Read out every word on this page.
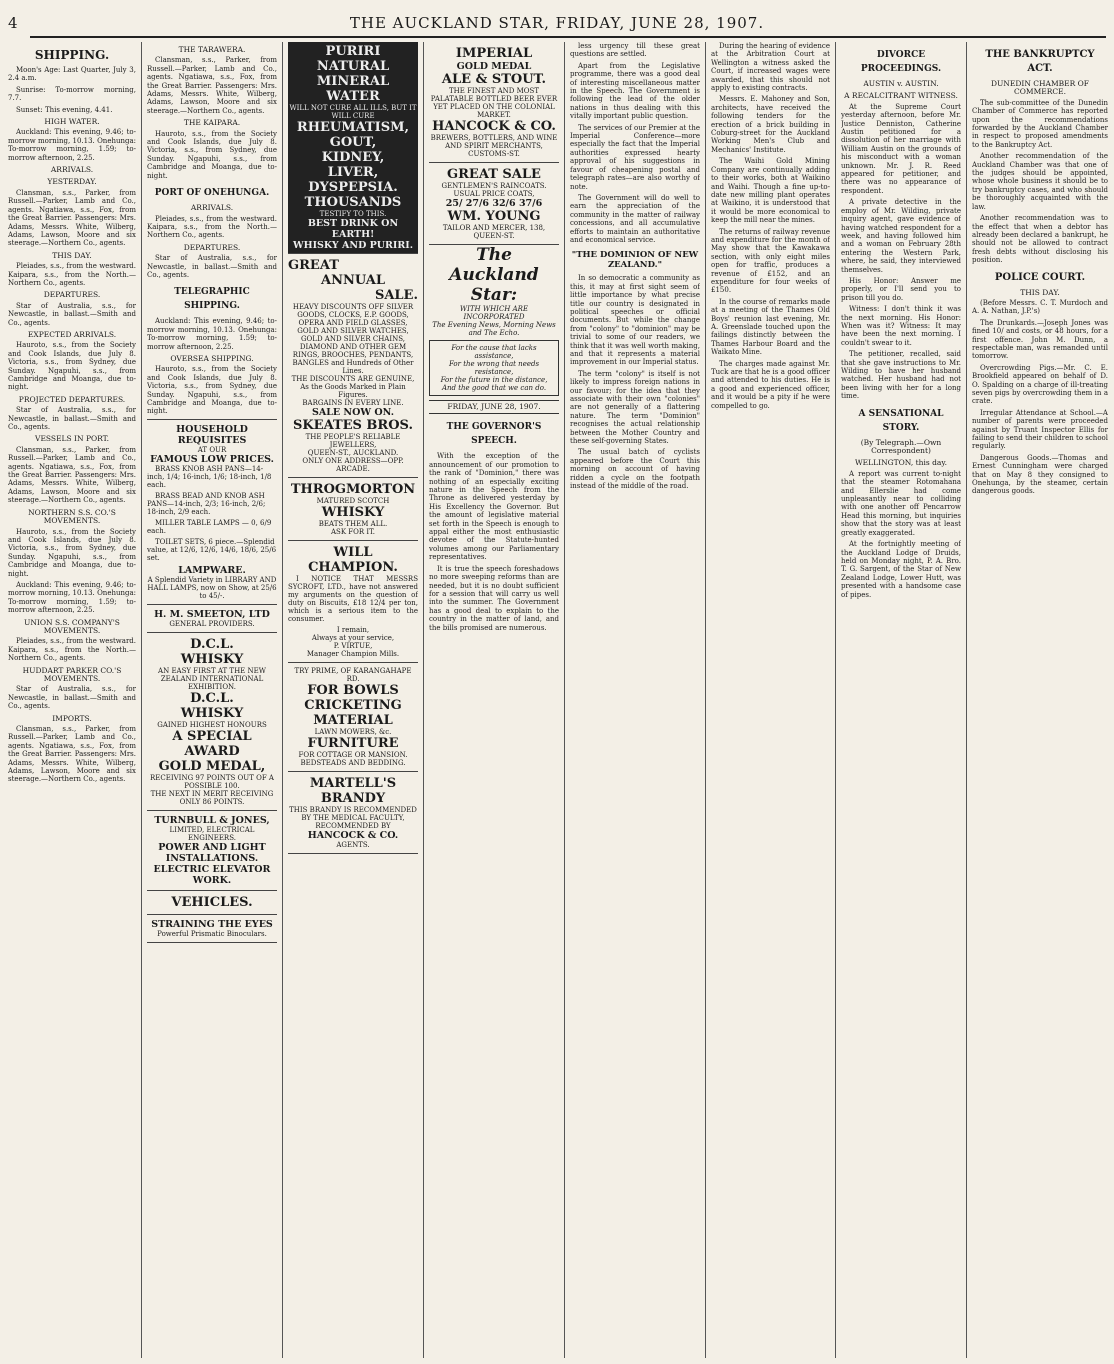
4	THE AUCKLAND STAR, FRIDAY, JUNE 28, 1907.
SHIPPING.

Moon's Age: Last Quarter, July 3, 2.4 a.m.

Sunrise: To-morrow morning, 7.7.

Sunset: This evening, 4.41.

HIGH WATER.

Auckland: This evening, 9.46; to-morrow morning, 10.13. Onehunga: To-morrow morning, 1.59; to-morrow afternoon, 2.25.

ARRIVALS.
YESTERDAY.

Clansman, s.s., Parker, from Russell.—Parker, Lamb and Co., agents. Ngatiawa, s.s., Fox, from the Great Barrier. Passengers: Mrs. Adams, Messrs. White, Wilberg, Adams, Lawson, Moore and six steerage.—Northern Co., agents.

THIS DAY.

Pleiades, s.s., from the westward. Kaipara, s.s., from the North.—Northern Co., agents.

DEPARTURES.

Star of Australia, s.s., for Newcastle, in ballast.—Smith and Co., agents.

EXPECTED ARRIVALS.

Hauroto, s.s., from the Society and Cook Islands, due July 8. Victoria, s.s., from Sydney, due Sunday. Ngapuhi, s.s., from Cambridge and Moanga, due to-night.

PROJECTED DEPARTURES.

Star of Australia, s.s., for Newcastle, in ballast.—Smith and Co., agents.

VESSELS IN PORT.

Clansman, s.s., Parker, from Russell.—Parker, Lamb and Co., agents. Ngatiawa, s.s., Fox, from the Great Barrier. Passengers: Mrs. Adams, Messrs. White, Wilberg, Adams, Lawson, Moore and six steerage.—Northern Co., agents.

NORTHERN S.S. CO.'S MOVEMENTS.

Hauroto, s.s., from the Society and Cook Islands, due July 8. Victoria, s.s., from Sydney, due Sunday. Ngapuhi, s.s., from Cambridge and Moanga, due to-night.

Auckland: This evening, 9.46; to-morrow morning, 10.13. Onehunga: To-morrow morning, 1.59; to-morrow afternoon, 2.25.

UNION S.S. COMPANY'S MOVEMENTS.

Pleiades, s.s., from the westward. Kaipara, s.s., from the North.—Northern Co., agents.

HUDDART PARKER CO.'S MOVEMENTS.

Star of Australia, s.s., for Newcastle, in ballast.—Smith and Co., agents.

IMPORTS.

Clansman, s.s., Parker, from Russell.—Parker, Lamb and Co., agents. Ngatiawa, s.s., Fox, from the Great Barrier. Passengers: Mrs. Adams, Messrs. White, Wilberg, Adams, Lawson, Moore and six steerage.—Northern Co., agents.

THE TARAWERA.

Clansman, s.s., Parker, from Russell.—Parker, Lamb and Co., agents. Ngatiawa, s.s., Fox, from the Great Barrier. Passengers: Mrs. Adams, Messrs. White, Wilberg, Adams, Lawson, Moore and six steerage.—Northern Co., agents.

THE KAIPARA.

Hauroto, s.s., from the Society and Cook Islands, due July 8. Victoria, s.s., from Sydney, due Sunday. Ngapuhi, s.s., from Cambridge and Moanga, due to-night.

PORT OF ONEHUNGA.
ARRIVALS.

Pleiades, s.s., from the westward. Kaipara, s.s., from the North.—Northern Co., agents.

DEPARTURES.

Star of Australia, s.s., for Newcastle, in ballast.—Smith and Co., agents.

TELEGRAPHIC SHIPPING.

Auckland: This evening, 9.46; to-morrow morning, 10.13. Onehunga: To-morrow morning, 1.59; to-morrow afternoon, 2.25.

OVERSEA SHIPPING.

Hauroto, s.s., from the Society and Cook Islands, due July 8. Victoria, s.s., from Sydney, due Sunday. Ngapuhi, s.s., from Cambridge and Moanga, due to-night.

HOUSEHOLD REQUISITES
AT OUR
FAMOUS LOW PRICES.

BRASS KNOB ASH PANS—14-inch, 1/4; 16-inch, 1/6; 18-inch, 1/8 each.

BRASS BEAD AND KNOB ASH PANS—14-inch, 2/3; 16-inch, 2/6; 18-inch, 2/9 each.

MILLER TABLE LAMPS — 0, 6/9 each.

TOILET SETS, 6 piece.—Splendid value, at 12/6, 12/6, 14/6, 18/6, 25/6 set.

LAMPWARE.
A Splendid Variety in LIBRARY AND HALL LAMPS, now on Show, at 25/6 to 45/-.
H. M. SMEETON, LTD
GENERAL PROVIDERS.
D.C.L.
WHISKY
AN EASY FIRST AT THE NEW ZEALAND INTERNATIONAL EXHIBITION.
D.C.L.
WHISKY
GAINED HIGHEST HONOURS
A SPECIAL AWARD
GOLD MEDAL,
RECEIVING 97 POINTS OUT OF A POSSIBLE 100.
THE NEXT IN MERIT RECEIVING ONLY 86 POINTS.
TURNBULL & JONES,
LIMITED, ELECTRICAL ENGINEERS.
POWER AND LIGHT INSTALLATIONS.
ELECTRIC ELEVATOR WORK.
VEHICLES.
STRAINING THE EYES
Powerful Prismatic Binoculars.
PURIRI NATURAL MINERAL WATER
WILL NOT CURE ALL ILLS, BUT IT WILL CURE
RHEUMATISM,
GOUT,
KIDNEY,
LIVER,
DYSPEPSIA.
THOUSANDS
TESTIFY TO THIS.
BEST DRINK ON EARTH!
WHISKY AND PURIRI.
GREAT
ANNUAL
SALE.
HEAVY DISCOUNTS OFF SILVER GOODS, CLOCKS, E.P. GOODS, OPERA AND FIELD GLASSES, GOLD AND SILVER WATCHES, GOLD AND SILVER CHAINS, DIAMOND AND OTHER GEM RINGS, BROOCHES, PENDANTS, BANGLES and Hundreds of Other Lines.
THE DISCOUNTS ARE GENUINE, As the Goods Marked in Plain Figures.
BARGAINS IN EVERY LINE.
SALE NOW ON.
SKEATES BROS.
THE PEOPLE'S RELIABLE JEWELLERS,
QUEEN-ST., AUCKLAND.
ONLY ONE ADDRESS—OPP. ARCADE.
THROGMORTON
MATURED SCOTCH
WHISKY
BEATS THEM ALL.
ASK FOR IT.
WILL CHAMPION.

I NOTICE THAT MESSRS SYCROFT, LTD., have not answered my arguments on the question of duty on Biscuits, £18 12/4 per ton, which is a serious item to the consumer.

I remain,
Always at your service,
P. VIRTUE,
Manager Champion Mills.
TRY PRIME, OF KARANGAHAPE RD.
FOR BOWLS
CRICKETING MATERIAL
LAWN MOWERS, &c.
FURNITURE
FOR COTTAGE OR MANSION. BEDSTEADS AND BEDDING.
MARTELL'S
BRANDY
THIS BRANDY IS RECOMMENDED BY THE MEDICAL FACULTY,
RECOMMENDED BY
HANCOCK & CO.
AGENTS.
IMPERIAL
GOLD MEDAL
ALE & STOUT.
THE FINEST AND MOST PALATABLE BOTTLED BEER EVER YET PLACED ON THE COLONIAL MARKET.
HANCOCK & CO.
BREWERS, BOTTLERS, AND WINE AND SPIRIT MERCHANTS,
CUSTOMS-ST.
GREAT SALE
GENTLEMEN'S RAINCOATS.
USUAL PRICE COATS,
25/ 27/6 32/6 37/6
WM. YOUNG
TAILOR AND MERCER, 138, QUEEN-ST.
The Auckland Star:
WITH WHICH ARE INCORPORATED
The Evening News, Morning News and The Echo.
For the cause that lacks assistance,
For the wrong that needs resistance,
For the future in the distance,
And the good that we can do.
FRIDAY, JUNE 28, 1907.
THE GOVERNOR'S SPEECH.

With the exception of the announcement of our promotion to the rank of "Dominion," there was nothing of an especially exciting nature in the Speech from the Throne as delivered yesterday by His Excellency the Governor. But the amount of legislative material set forth in the Speech is enough to appal either the most enthusiastic devotee of the Statute-hunted volumes among our Parliamentary representatives.

It is true the speech foreshadows no more sweeping reforms than are needed, but it is no doubt sufficient for a session that will carry us well into the summer. The Government has a good deal to explain to the country in the matter of land, and the bills promised are numerous.

less urgency till these great questions are settled.

Apart from the Legislative programme, there was a good deal of interesting miscellaneous matter in the Speech. The Government is following the lead of the older nations in thus dealing with this vitally important public question.

The services of our Premier at the Imperial Conference—more especially the fact that the Imperial authorities expressed hearty approval of his suggestions in favour of cheapening postal and telegraph rates—are also worthy of note.

The Government will do well to earn the appreciation of the community in the matter of railway concessions, and all accumulative efforts to maintain an authoritative and economical service.

"THE DOMINION OF NEW ZEALAND."

In so democratic a community as this, it may at first sight seem of little importance by what precise title our country is designated in political speeches or official documents. But while the change from "colony" to "dominion" may be trivial to some of our readers, we think that it was well worth making, and that it represents a material improvement in our Imperial status.

The term "colony" is itself is not likely to impress foreign nations in our favour; for the idea that they associate with their own "colonies" are not generally of a flattering nature. The term "Dominion" recognises the actual relationship between the Mother Country and these self-governing States.

The usual batch of cyclists appeared before the Court this morning on account of having ridden a cycle on the footpath instead of the middle of the road.

During the hearing of evidence at the Arbitration Court at Wellington a witness asked the Court, if increased wages were awarded, that this should not apply to existing contracts.

Messrs. E. Mahoney and Son, architects, have received the following tenders for the erection of a brick building in Coburg-street for the Auckland Working Men's Club and Mechanics' Institute.

The Waihi Gold Mining Company are continually adding to their works, both at Waikino and Waihi. Though a fine up-to-date new milling plant operates at Waikino, it is understood that it would be more economical to keep the mill near the mines.

The returns of railway revenue and expenditure for the month of May show that the Kawakawa section, with only eight miles open for traffic, produces a revenue of £152, and an expenditure for four weeks of £150.

In the course of remarks made at a meeting of the Thames Old Boys' reunion last evening, Mr. A. Greenslade touched upon the failings distinctly between the Thames Harbour Board and the Waikato Mine.

The charges made against Mr. Tuck are that he is a good officer and attended to his duties. He is a good and experienced officer, and it would be a pity if he were compelled to go.

DIVORCE PROCEEDINGS.
AUSTIN v. AUSTIN.
A RECALCITRANT WITNESS.

At the Supreme Court yesterday afternoon, before Mr. Justice Denniston, Catherine Austin petitioned for a dissolution of her marriage with William Austin on the grounds of his misconduct with a woman unknown. Mr. J. R. Reed appeared for petitioner, and there was no appearance of respondent.

A private detective in the employ of Mr. Wilding, private inquiry agent, gave evidence of having watched respondent for a week, and having followed him and a woman on February 28th entering the Western Park, where, he said, they interviewed themselves.

His Honor: Answer me properly, or I'll send you to prison till you do.

Witness: I don't think it was the next morning. His Honor: When was it? Witness: It may have been the next morning. I couldn't swear to it.

The petitioner, recalled, said that she gave instructions to Mr. Wilding to have her husband watched. Her husband had not been living with her for a long time.

A SENSATIONAL STORY.
(By Telegraph.—Own Correspondent)
WELLINGTON, this day.

A report was current to-night that the steamer Rotomahana and Ellerslie had come unpleasantly near to colliding with one another off Pencarrow Head this morning, but inquiries show that the story was at least greatly exaggerated.

At the fortnightly meeting of the Auckland Lodge of Druids, held on Monday night, P. A. Bro. T. G. Sargent, of the Star of New Zealand Lodge, Lower Hutt, was presented with a handsome case of pipes.

THE BANKRUPTCY ACT.
DUNEDIN CHAMBER OF COMMERCE.

The sub-committee of the Dunedin Chamber of Commerce has reported upon the recommendations forwarded by the Auckland Chamber in respect to proposed amendments to the Bankruptcy Act.

Another recommendation of the Auckland Chamber was that one of the judges should be appointed, whose whole business it should be to try bankruptcy cases, and who should be thoroughly acquainted with the law.

Another recommendation was to the effect that when a debtor has already been declared a bankrupt, he should not be allowed to contract fresh debts without disclosing his position.

POLICE COURT.
THIS DAY.

(Before Messrs. C. T. Murdoch and A. A. Nathan, J.P.'s)

The Drunkards.—Joseph Jones was fined 10/ and costs, or 48 hours, for a first offence. John M. Dunn, a respectable man, was remanded until tomorrow.

Overcrowding Pigs.—Mr. C. E. Brookfield appeared on behalf of D. O. Spalding on a charge of ill-treating seven pigs by overcrowding them in a crate.

Irregular Attendance at School.—A number of parents were proceeded against by Truant Inspector Ellis for failing to send their children to school regularly.

Dangerous Goods.—Thomas and Ernest Cunningham were charged that on May 8 they consigned to Onehunga, by the steamer, certain dangerous goods.
